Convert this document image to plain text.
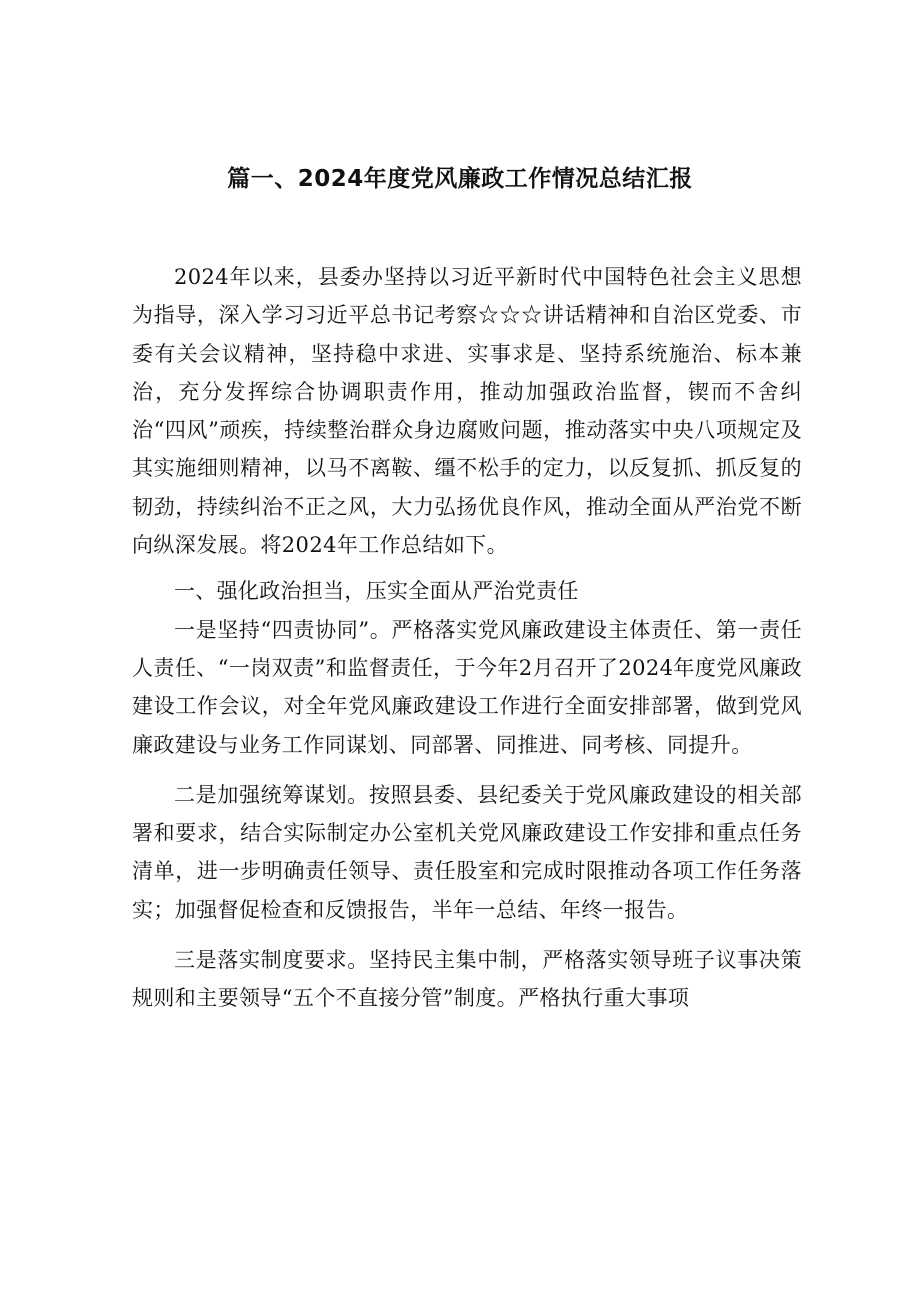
篇一、2024年度党风廉政工作情况总结汇报

2024年以来，县委办坚持以习近平新时代中国特色社会主义思想为指导，深入学习习近平总书记考察☆☆☆讲话精神和自治区党委、市委有关会议精神，坚持稳中求进、实事求是、坚持系统施治、标本兼治，充分发挥综合协调职责作用，推动加强政治监督，锲而不舍纠治“四风”顽疾，持续整治群众身边腐败问题，推动落实中央八项规定及其实施细则精神，以马不离鞍、缰不松手的定力，以反复抓、抓反复的韧劲，持续纠治不正之风，大力弘扬优良作风，推动全面从严治党不断向纵深发展。将2024年工作总结如下。

一、强化政治担当，压实全面从严治党责任

一是坚持“四责协同”。严格落实党风廉政建设主体责任、第一责任人责任、“一岗双责”和监督责任，于今年2月召开了2024年度党风廉政建设工作会议，对全年党风廉政建设工作进行全面安排部署，做到党风廉政建设与业务工作同谋划、同部署、同推进、同考核、同提升。

二是加强统筹谋划。按照县委、县纪委关于党风廉政建设的相关部署和要求，结合实际制定办公室机关党风廉政建设工作安排和重点任务清单，进一步明确责任领导、责任股室和完成时限推动各项工作任务落实；加强督促检查和反馈报告，半年一总结、年终一报告。

三是落实制度要求。坚持民主集中制，严格落实领导班子议事决策规则和主要领导“五个不直接分管”制度。严格执行重大事项
